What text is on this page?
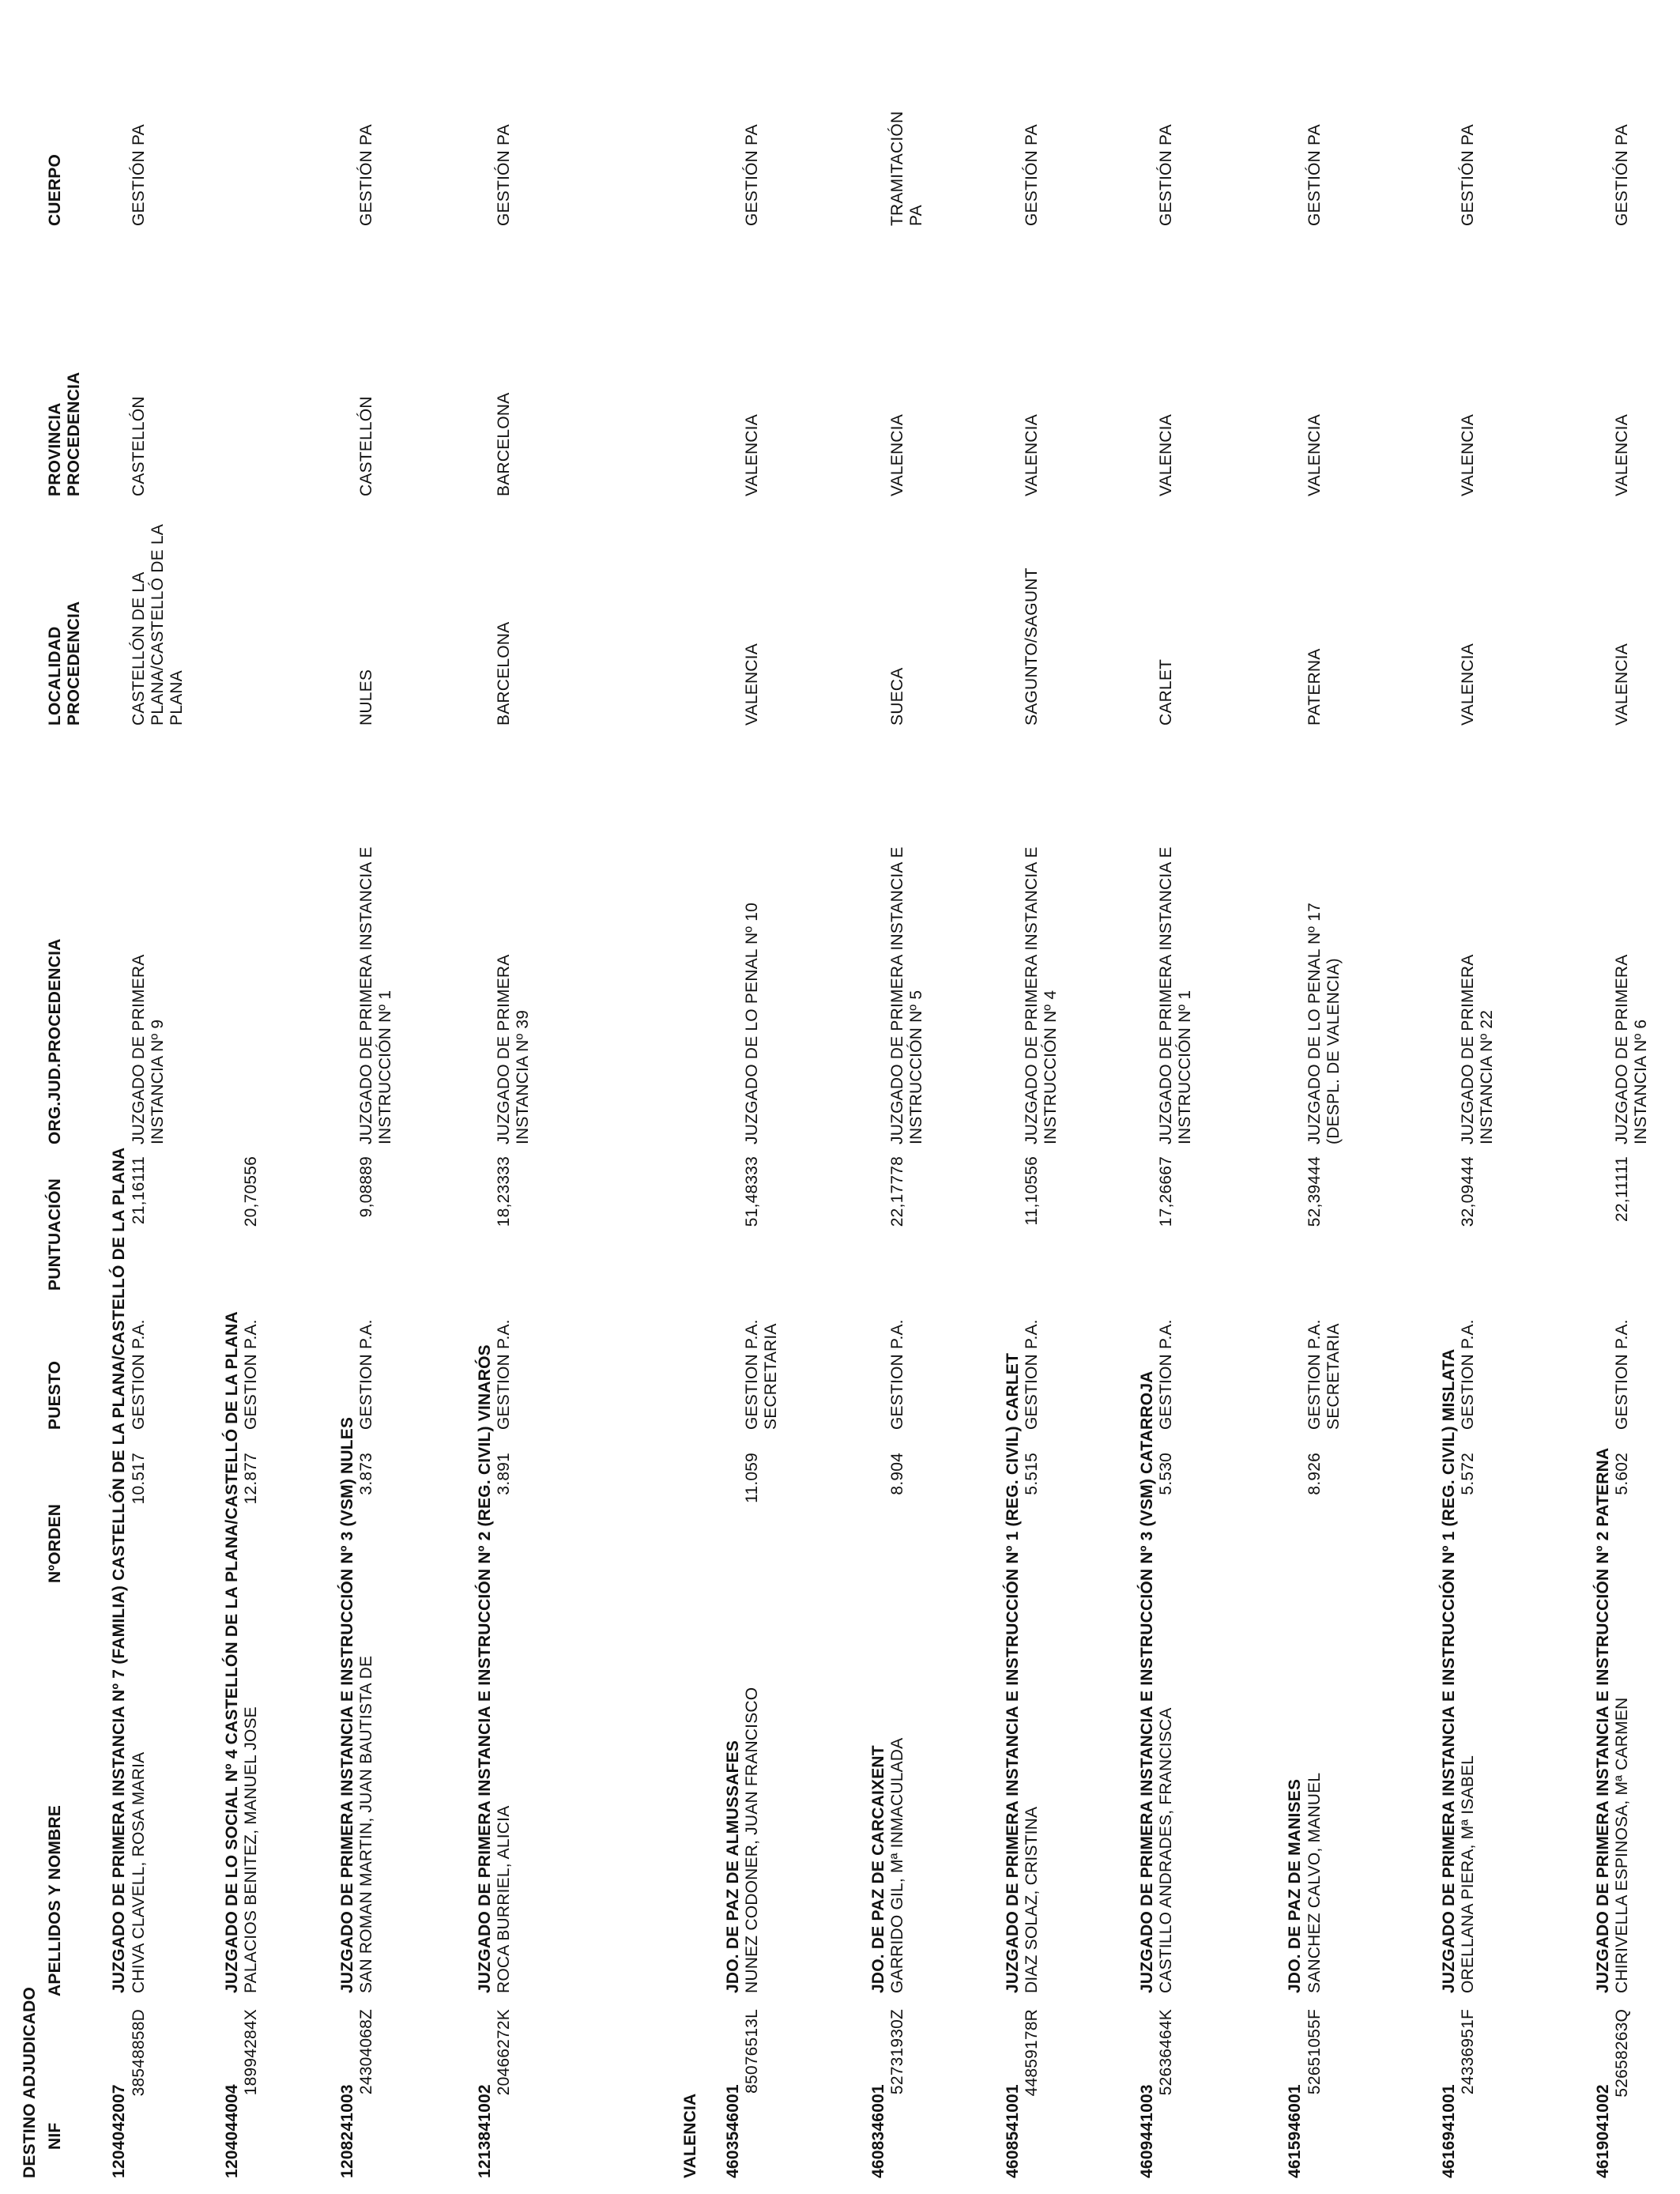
DESTINO ADJUDICADO NIF
APELLIDOS Y NOMBRE
NºORDEN
PUESTO
PUNTUACIÓN
ORG.JUD.PROCEDENCIA
LOCALIDAD PROCEDENCIA
PROVINCIA PROCEDENCIA
CUERPO
VALENCIA
1204042007
JUZGADO DE PRIMERA INSTANCIA Nº 7 (FAMILIA) CASTELLÓN DE LA PLANA/CASTELLÓ DE LA PLANA
38548858D
CHIVA CLAVELL, ROSA MARIA
10.517
GESTION P.A.
21,16111
JUZGADO DE PRIMERA INSTANCIA Nº 9
CASTELLÓN DE LA PLANA/CASTELLÓ DE LA PLANA
CASTELLÓN
GESTIÓN PA
1204044004
JUZGADO DE LO SOCIAL Nº 4 CASTELLÓN DE LA PLANA/CASTELLÓ DE LA PLANA
18994284X
PALACIOS BENITEZ, MANUEL JOSE
12.877
GESTION P.A.
20,70556
1208241003
JUZGADO DE PRIMERA INSTANCIA E INSTRUCCIÓN Nº 3 (VSM) NULES
24304068Z
SAN ROMAN MARTIN, JUAN BAUTISTA DE
3.873
GESTION P.A.
9,08889
JUZGADO DE PRIMERA INSTANCIA E INSTRUCCIÓN Nº 1
NULES
CASTELLÓN
GESTIÓN PA
1213841002
JUZGADO DE PRIMERA INSTANCIA E INSTRUCCIÓN Nº 2 (REG. CIVIL) VINARÓS
20466272K
ROCA BURRIEL, ALICIA
3.891
GESTION P.A.
18,23333
JUZGADO DE PRIMERA INSTANCIA Nº 39
BARCELONA
BARCELONA
GESTIÓN PA
4603546001
JDO. DE PAZ DE ALMUSSAFES
85076513L
NUNEZ CODONER, JUAN FRANCISCO
11.059
GESTION P.A. SECRETARIA
51,48333
JUZGADO DE LO PENAL Nº 10
VALENCIA
VALENCIA
GESTIÓN PA
4608346001
JDO. DE PAZ DE CARCAIXENT
52731930Z
GARRIDO GIL, Mª INMACULADA
8.904
GESTION P.A.
22,17778
JUZGADO DE PRIMERA INSTANCIA E INSTRUCCIÓN Nº 5
SUECA
VALENCIA
TRAMITACIÓN PA
4608541001
JUZGADO DE PRIMERA INSTANCIA E INSTRUCCIÓN Nº 1 (REG. CIVIL) CARLET
44859178R
DIAZ SOLAZ, CRISTINA
5.515
GESTION P.A.
11,10556
JUZGADO DE PRIMERA INSTANCIA E INSTRUCCIÓN Nº 4
SAGUNTO/SAGUNT
VALENCIA
GESTIÓN PA
4609441003
JUZGADO DE PRIMERA INSTANCIA E INSTRUCCIÓN Nº 3 (VSM) CATARROJA
52636464K
CASTILLO ANDRADES, FRANCISCA
5.530
GESTION P.A.
17,26667
JUZGADO DE PRIMERA INSTANCIA E INSTRUCCIÓN Nº 1
CARLET
VALENCIA
GESTIÓN PA
4615946001
JDO. DE PAZ DE MANISES
52651055F
SANCHEZ CALVO, MANUEL
8.926
GESTION P.A. SECRETARIA
52,39444
JUZGADO DE LO PENAL Nº 17 (DESPL. DE VALENCIA)
PATERNA
VALENCIA
GESTIÓN PA
4616941001
JUZGADO DE PRIMERA INSTANCIA E INSTRUCCIÓN Nº 1 (REG. CIVIL) MISLATA
24336951F
ORELLANA PIERA, Mª ISABEL
5.572
GESTION P.A.
32,09444
JUZGADO DE PRIMERA INSTANCIA Nº 22
VALENCIA
VALENCIA
GESTIÓN PA
4619041002
JUZGADO DE PRIMERA INSTANCIA E INSTRUCCIÓN Nº 2 PATERNA
52658263Q
CHIRIVELLA ESPINOSA, Mª CARMEN
5.602
GESTION P.A.
22,11111
JUZGADO DE PRIMERA INSTANCIA Nº 6
VALENCIA
VALENCIA
GESTIÓN PA
